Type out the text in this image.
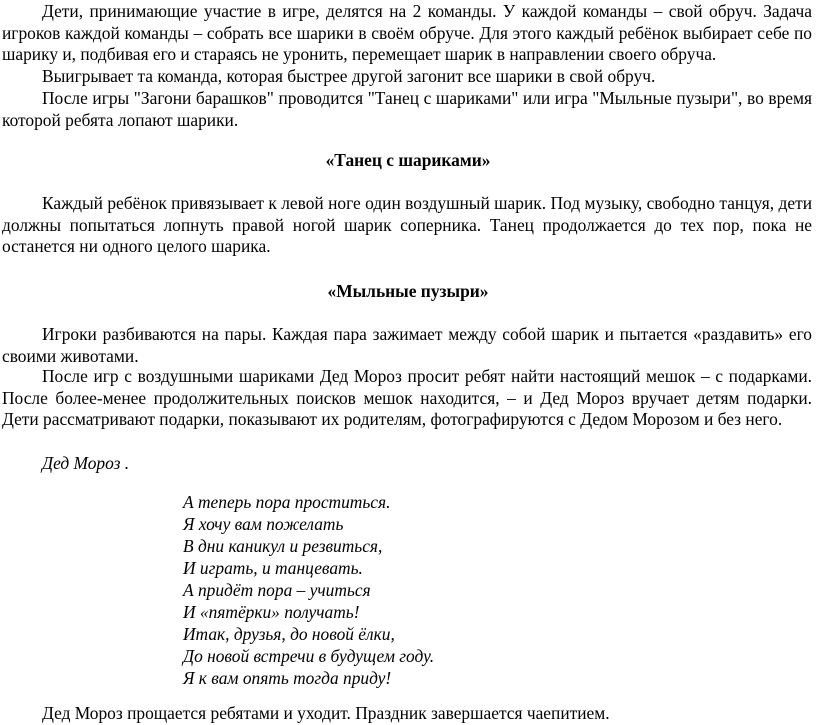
Дети, принимающие участие в игре, делятся на 2 команды. У каждой команды – свой обруч. Задача игроков каждой команды – собрать все шарики в своём обруче. Для этого каждый ребёнок выбирает себе по шарику и, подбивая его и стараясь не уронить, перемещает шарик в направлении своего обруча.

Выигрывает та команда, которая быстрее другой загонит все шарики в свой обруч.

После игры "Загони барашков" проводится "Танец с шариками" или игра "Мыльные пузыри", во время которой ребята лопают шарики.

«Танец с шариками»

Каждый ребёнок привязывает к левой ноге один воздушный шарик. Под музыку, свободно танцуя, дети должны попытаться лопнуть правой ногой шарик соперника. Танец продолжается до тех пор, пока не останется ни одного целого шарика.

«Мыльные пузыри»

Игроки разбиваются на пары. Каждая пара зажимает между собой шарик и пытается «раздавить» его своими животами.

После игр с воздушными шариками Дед Мороз просит ребят найти настоящий мешок – с подарками. После более-менее продолжительных поисков мешок находится, – и Дед Мороз вручает детям подарки. Дети рассматривают подарки, показывают их родителям, фотографируются с Дедом Морозом и без него.

Дед Мороз .

А теперь пора проститься.
Я хочу вам пожелать
В дни каникул и резвиться,
И играть, и танцевать.
А придёт пора – учиться
И «пятёрки» получать!
Итак, друзья, до новой ёлки,
До новой встречи в будущем году.
Я к вам опять тогда приду!

Дед Мороз прощается ребятами и уходит. Праздник завершается чаепитием.
